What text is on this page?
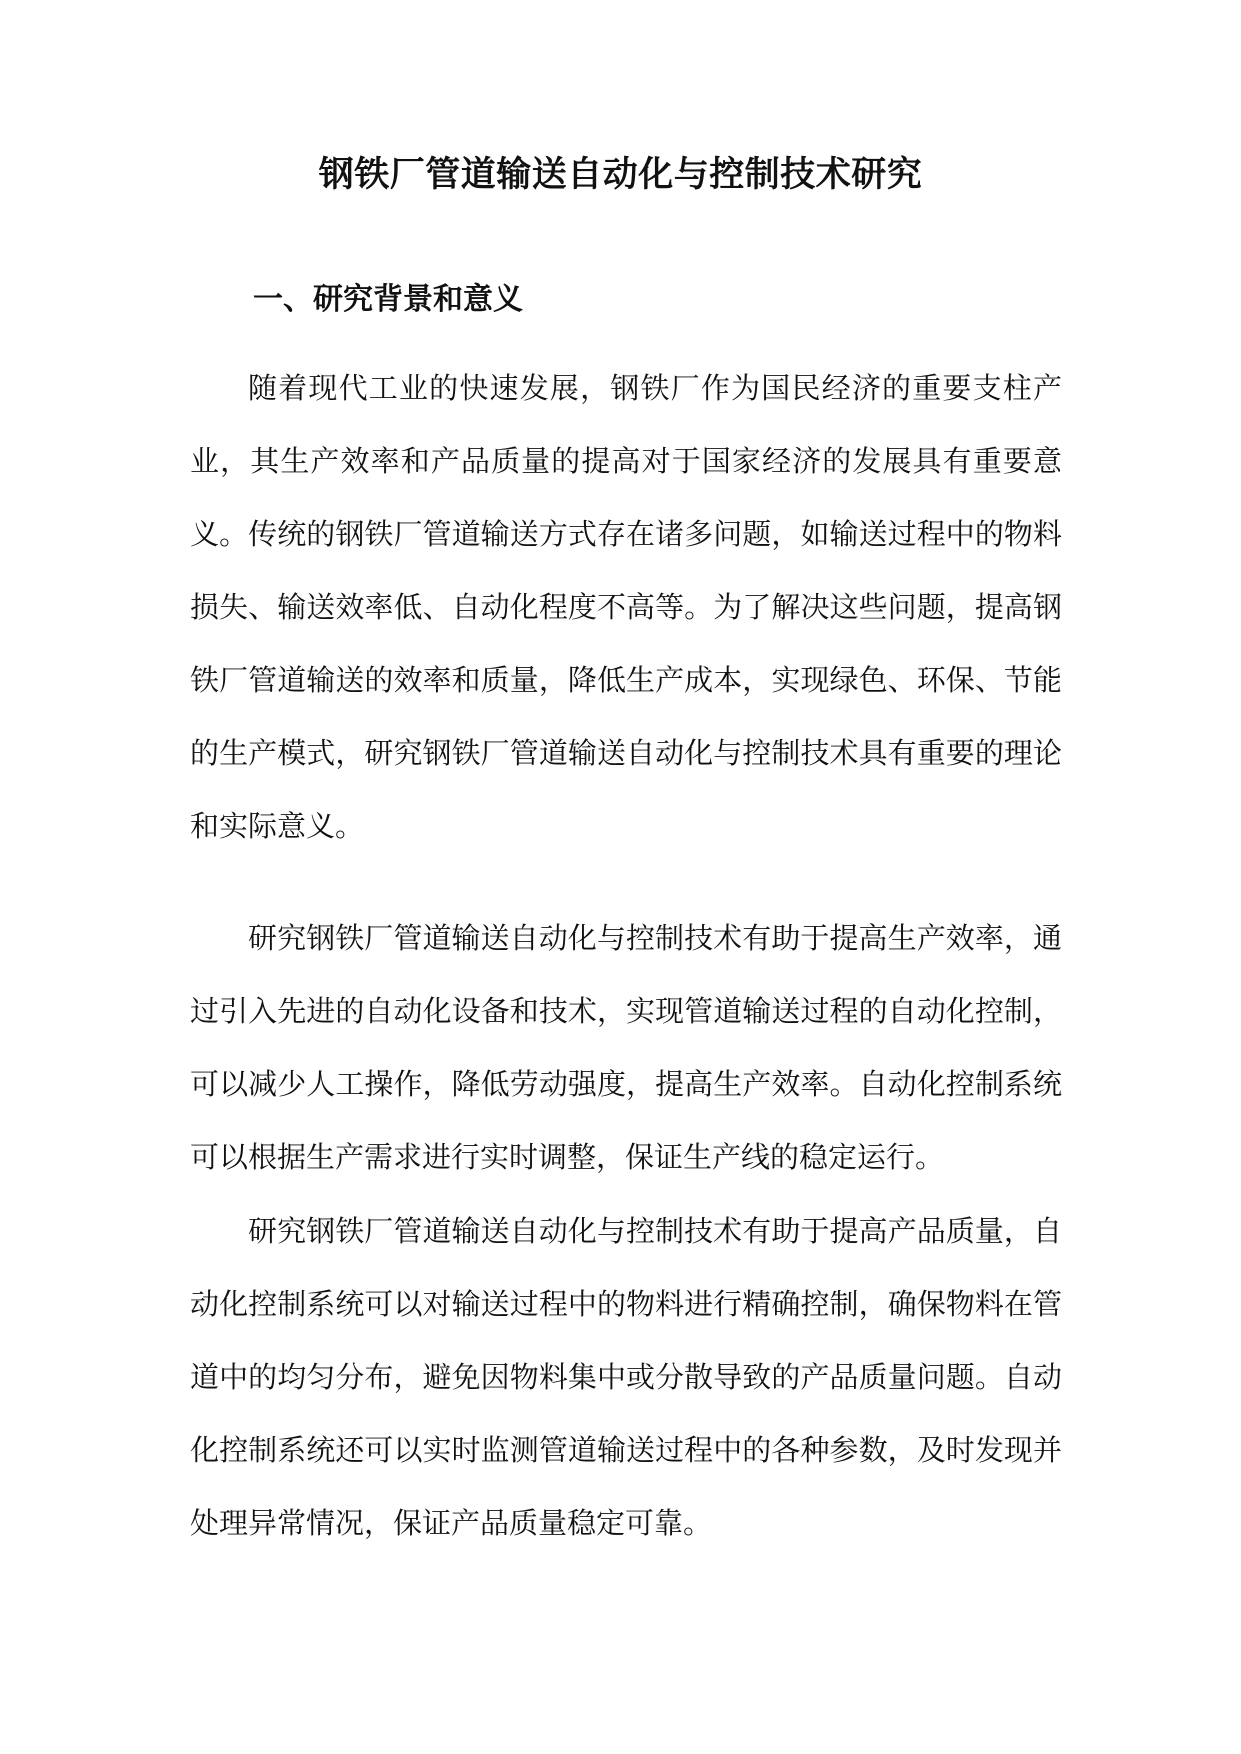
钢铁厂管道输送自动化与控制技术研究
一、研究背景和意义

随着现代工业的快速发展，钢铁厂作为国民经济的重要支柱产业，其生产效率和产品质量的提高对于国家经济的发展具有重要意义。传统的钢铁厂管道输送方式存在诸多问题，如输送过程中的物料损失、输送效率低、自动化程度不高等。为了解决这些问题，提高钢铁厂管道输送的效率和质量，降低生产成本，实现绿色、环保、节能的生产模式，研究钢铁厂管道输送自动化与控制技术具有重要的理论和实际意义。

研究钢铁厂管道输送自动化与控制技术有助于提高生产效率，通过引入先进的自动化设备和技术，实现管道输送过程的自动化控制，可以减少人工操作，降低劳动强度，提高生产效率。自动化控制系统可以根据生产需求进行实时调整，保证生产线的稳定运行。

研究钢铁厂管道输送自动化与控制技术有助于提高产品质量，自动化控制系统可以对输送过程中的物料进行精确控制，确保物料在管道中的均匀分布，避免因物料集中或分散导致的产品质量问题。自动化控制系统还可以实时监测管道输送过程中的各种参数，及时发现并处理异常情况，保证产品质量稳定可靠。
